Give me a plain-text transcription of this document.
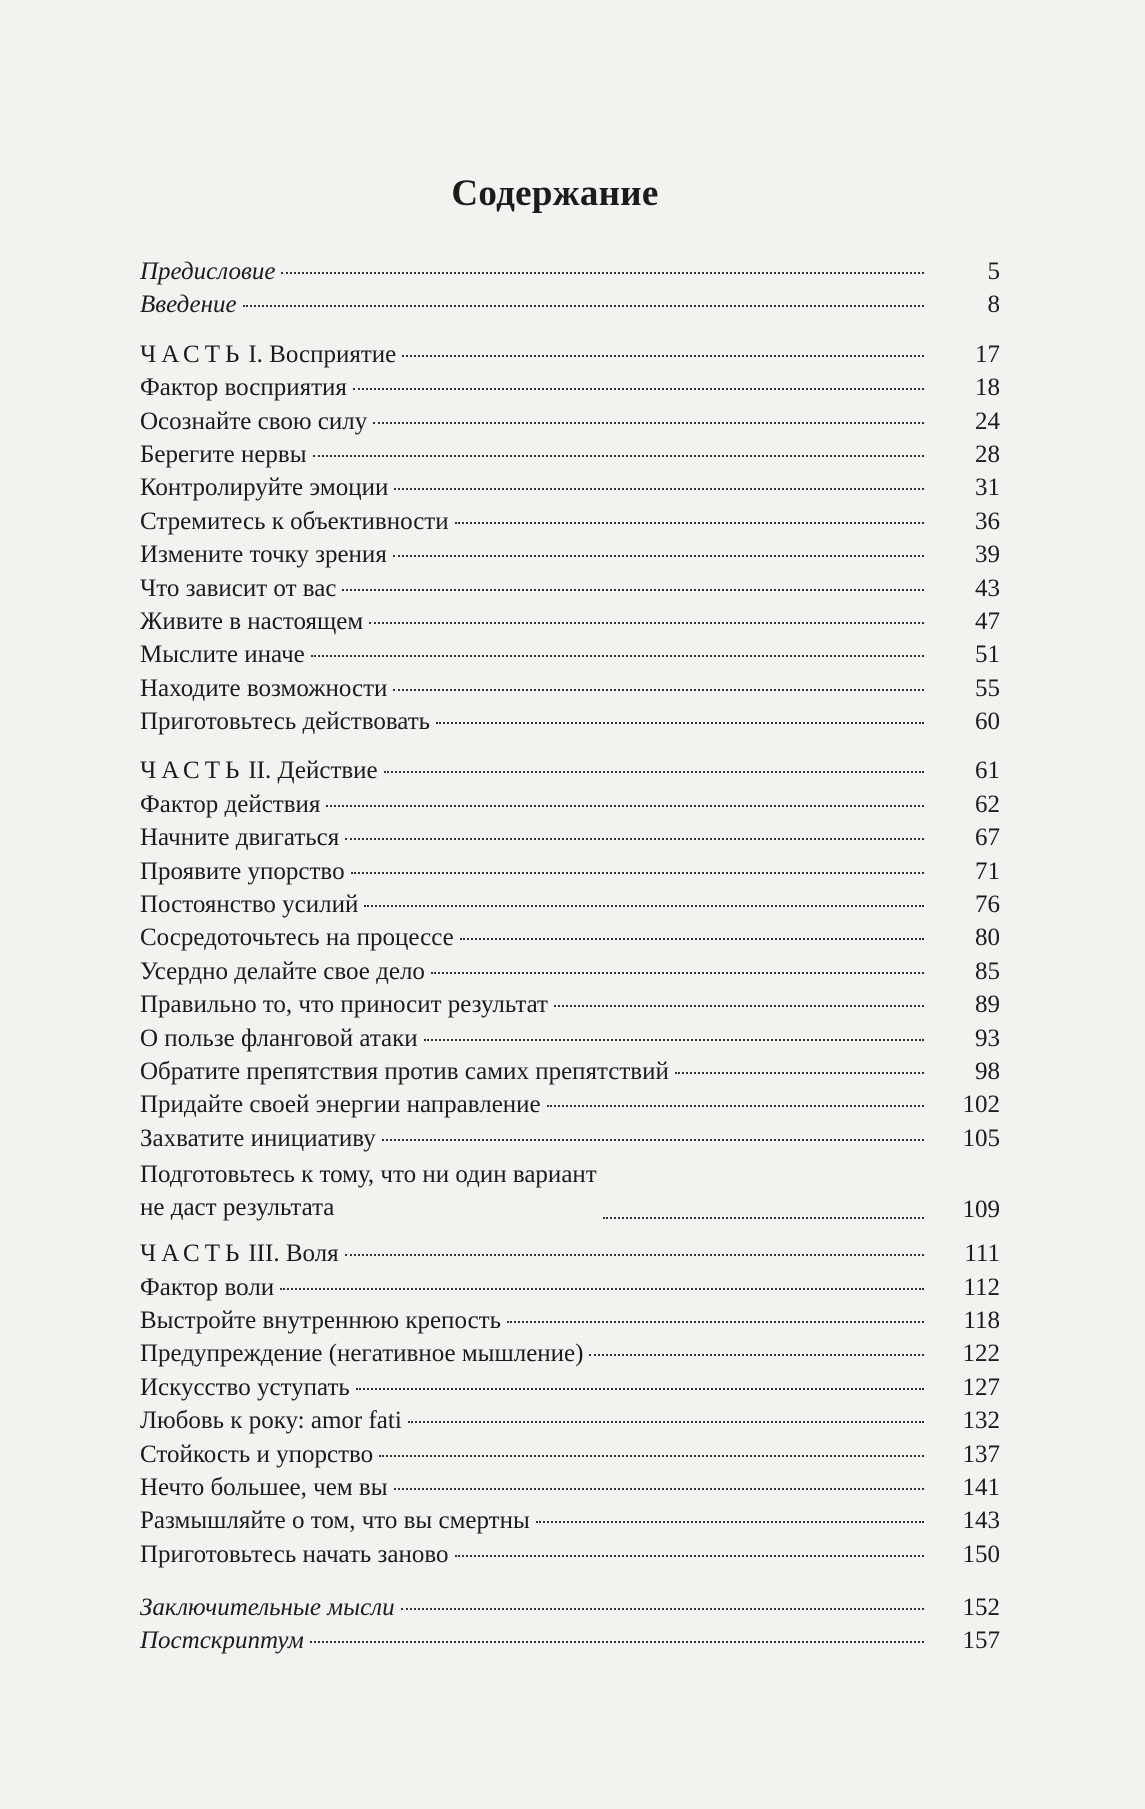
Содержание
Предисловие	5
Введение	8
ЧАСТЬ I. Восприятие	17
Фактор восприятия	18
Осознайте свою силу	24
Берегите нервы	28
Контролируйте эмоции	31
Стремитесь к объективности	36
Измените точку зрения	39
Что зависит от вас	43
Живите в настоящем	47
Мыслите иначе	51
Находите возможности	55
Приготовьтесь действовать	60
ЧАСТЬ II. Действие	61
Фактор действия	62
Начните двигаться	67
Проявите упорство	71
Постоянство усилий	76
Сосредоточьтесь на процессе	80
Усердно делайте свое дело	85
Правильно то, что приносит результат	89
О пользе фланговой атаки	93
Обратите препятствия против самих препятствий	98
Придайте своей энергии направление	102
Захватите инициативу	105
Подготовьтесь к тому, что ни один вариант
не даст результата	109
ЧАСТЬ III. Воля	111
Фактор воли	112
Выстройте внутреннюю крепость	118
Предупреждение (негативное мышление)	122
Искусство уступать	127
Любовь к року: amor fati	132
Стойкость и упорство	137
Нечто большее, чем вы	141
Размышляйте о том, что вы смертны	143
Приготовьтесь начать заново	150
Заключительные мысли	152
Постскриптум	157
